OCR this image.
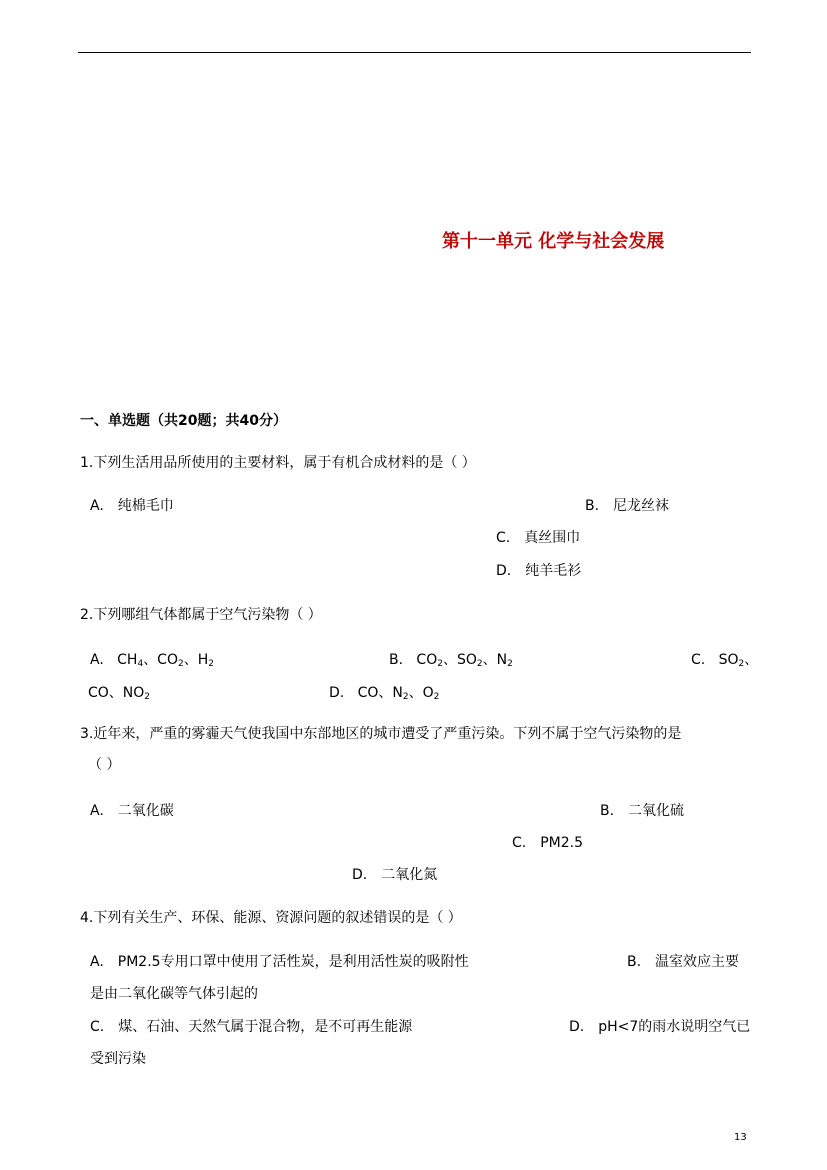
第十一单元 化学与社会发展
一、单选题（共20题；共40分）
1.下列生活用品所使用的主要材料，属于有机合成材料的是（ ）
A.　纯棉毛巾	B.　尼龙丝袜
C.　真丝围巾
D.　纯羊毛衫
2.下列哪组气体都属于空气污染物（ ）
A. $CH_4$、$CO_2$、$H_2$	B. $CO_2$、$SO_2$、$N_2$	C. $SO_2$、
CO、$NO_2$	D. CO、$N_2$、$O_2$
3.近年来，严重的雾霾天气使我国中东部地区的城市遭受了严重污染。下列不属于空气污染物的是
（ ）
A.　二氧化碳	B.　二氧化硫
C.　PM2.5
D.　二氧化氮
4.下列有关生产、环保、能源、资源问题的叙述错误的是（ ）
A.　PM2.5专用口罩中使用了活性炭，是利用活性炭的吸附性	B.　温室效应主要
是由二氧化碳等气体引起的
C.　煤、石油、天然气属于混合物，是不可再生能源	D.　pH<7的雨水说明空气已
受到污染
13
